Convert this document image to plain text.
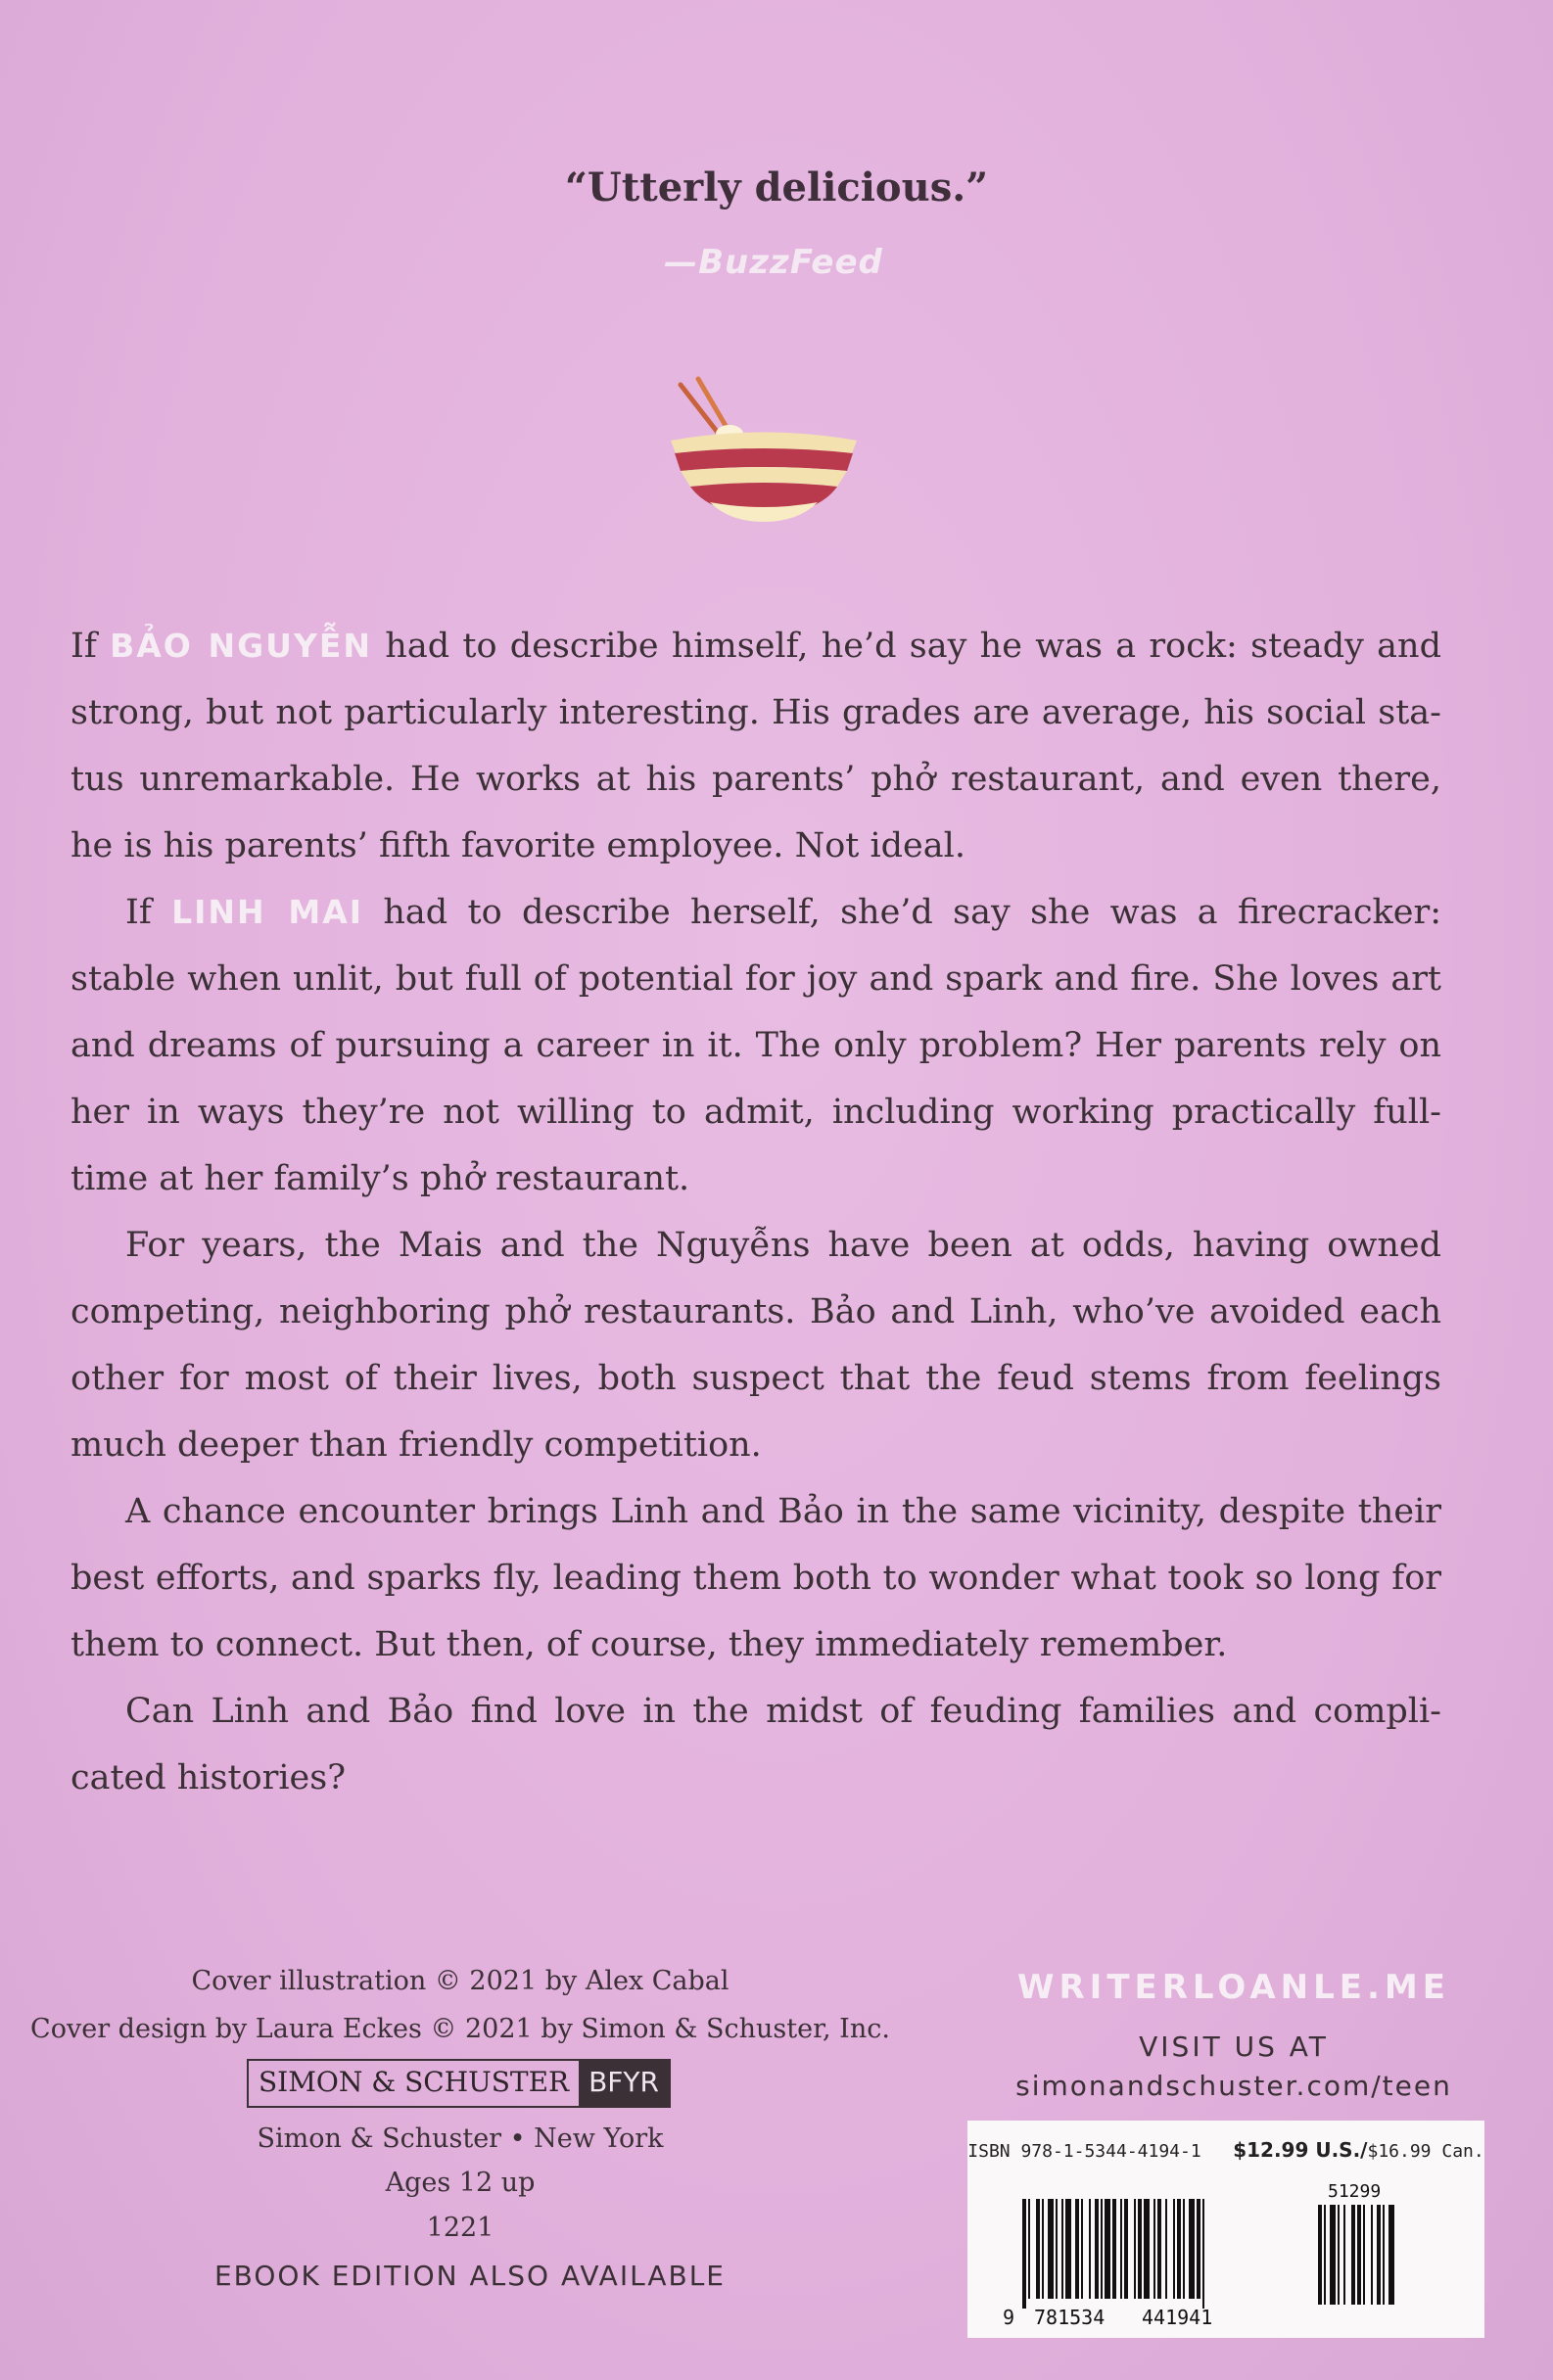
“Utterly delicious.”
—BuzzFeed

If BẢO NGUYỄN had to describe himself, he’d say he was a rock: steady and strong, but not particularly interesting. His grades are average, his social status unremarkable. He works at his parents’ phở restaurant, and even there, he is his parents’ fifth favorite employee. Not ideal.

If LINH MAI had to describe herself, she’d say she was a firecracker: stable when unlit, but full of potential for joy and spark and fire. She loves art and dreams of pursuing a career in it. The only problem? Her parents rely on her in ways they’re not willing to admit, including working practically full-time at her family’s phở restaurant.

For years, the Mais and the Nguyễns have been at odds, having owned competing, neighboring phở restaurants. Bảo and Linh, who’ve avoided each other for most of their lives, both suspect that the feud stems from feelings much deeper than friendly competition.

A chance encounter brings Linh and Bảo in the same vicinity, despite their best efforts, and sparks fly, leading them both to wonder what took so long for them to connect. But then, of course, they immediately remember.

Can Linh and Bảo find love in the midst of feuding families and complicated histories?

Cover illustration © 2021 by Alex Cabal
Cover design by Laura Eckes © 2021 by Simon & Schuster, Inc.
SIMON & SCHUSTER BFYR
Simon & Schuster • New York
Ages 12 up
1221
EBOOK EDITION ALSO AVAILABLE
WRITERLOANLE.ME
VISIT US AT
simonandschuster.com/teen
ISBN 978-1-5344-4194-1 $12.99 U.S./$16.99 Can.
51299
9 781534 441941
